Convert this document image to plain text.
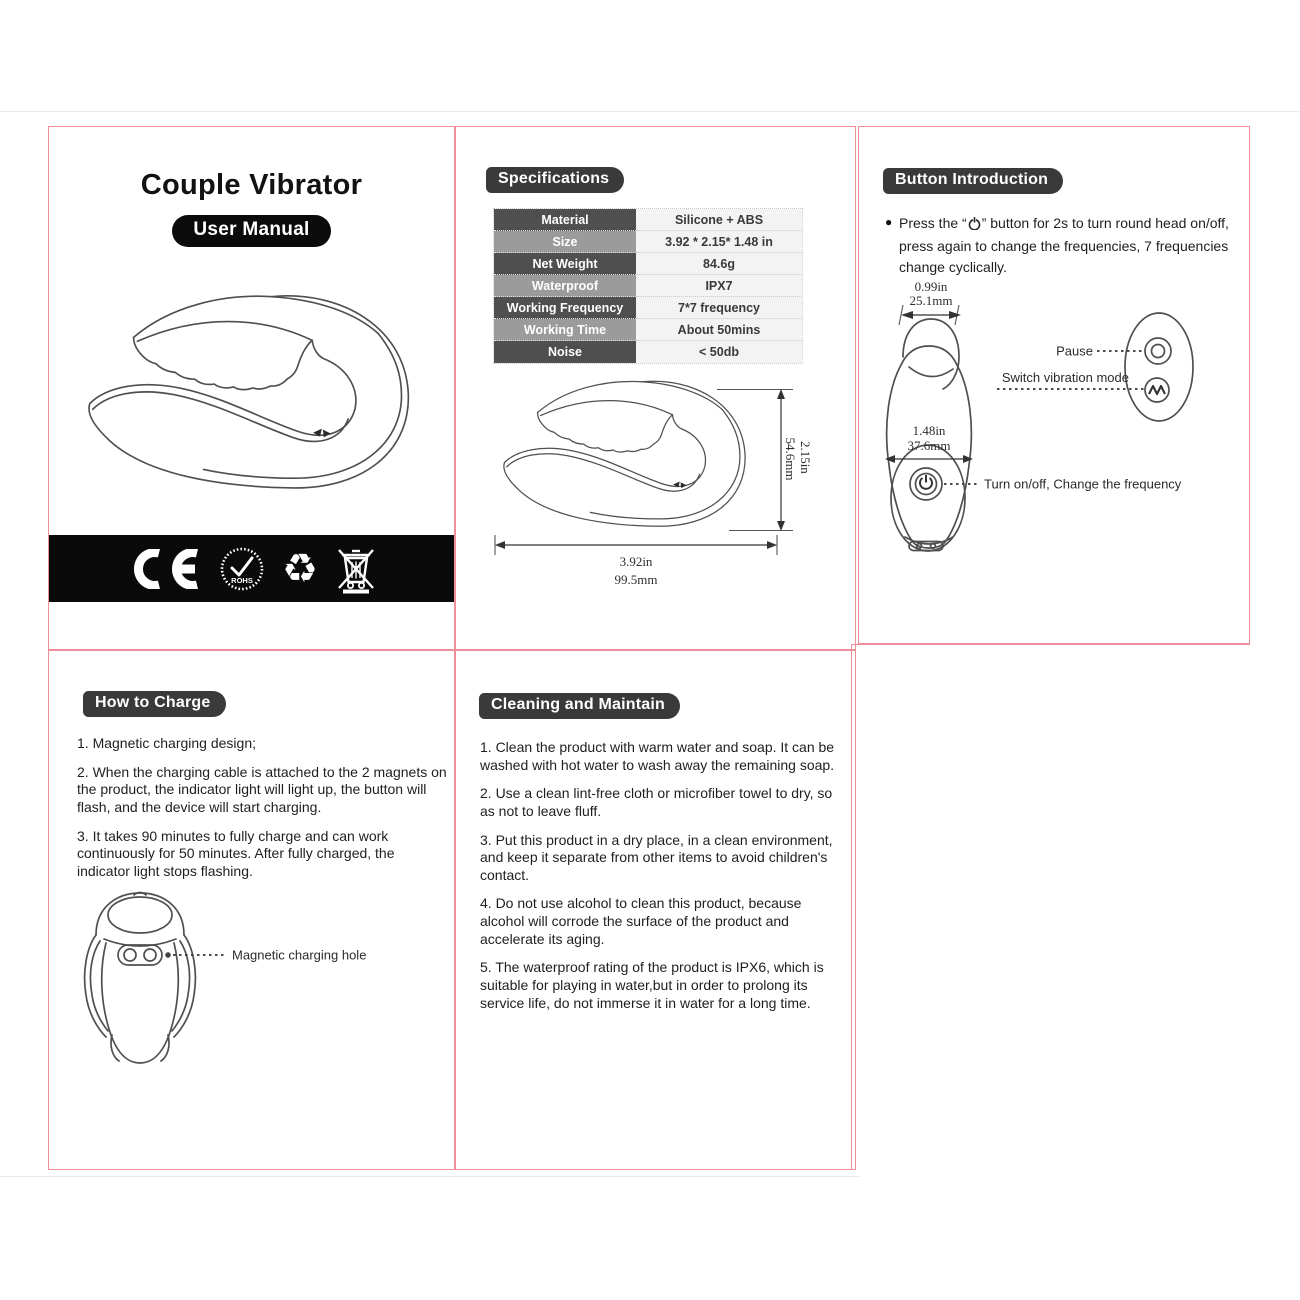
Couple Vibrator
User Manual
ROHS ♻
Specifications
Material	Silicone + ABS
Size	3.92 * 2.15* 1.48 in
Net Weight	84.6g
Waterproof	IPX7
Working Frequency	7*7 frequency
Working Time	About 50mins
Noise	< 50db
2.15in 54.6mm
3.92in
99.5mm
Button Introduction
● Press the “ ” button for 2s to turn round head on/off, press again to change the frequencies, 7 frequencies change cyclically.
0.99in
25.1mm
1.48in
37.6mm
Turn on/off, Change the frequency
Pause
Switch vibration mode
How to Charge

1. Magnetic charging design;

2. When the charging cable is attached to the 2 magnets on the product, the indicator light will light up, the button will flash, and the device will start charging.

3. It takes 90 minutes to fully charge and can work continuously for 50 minutes. After fully charged, the indicator light stops flashing.

Magnetic charging hole
Cleaning and Maintain

1. Clean the product with warm water and soap. It can be washed with hot water to wash away the remaining soap.

2. Use a clean lint-free cloth or microfiber towel to dry, so as not to leave fluff.

3. Put this product in a dry place, in a clean environment, and keep it separate from other items to avoid children's contact.

4. Do not use alcohol to clean this product, because alcohol will corrode the surface of the product and accelerate its aging.

5. The waterproof rating of the product is IPX6, which is suitable for playing in water,but in order to prolong its service life, do not immerse it in water for a long time.
